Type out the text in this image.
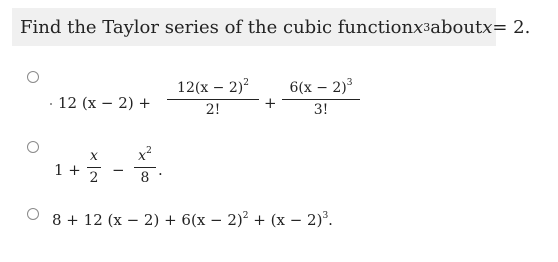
Find the Taylor series of the cubic function x 3 about x = 2.
12 (x − 2) +
$12(x - 2)^2$
2!	+
$6(x - 2)^3$
3!
1 +
x
2 −
$x^2$
8 .
8 + 12 $(x - 2) + 6(x - 2)^2 + (x - 2)^3$.
